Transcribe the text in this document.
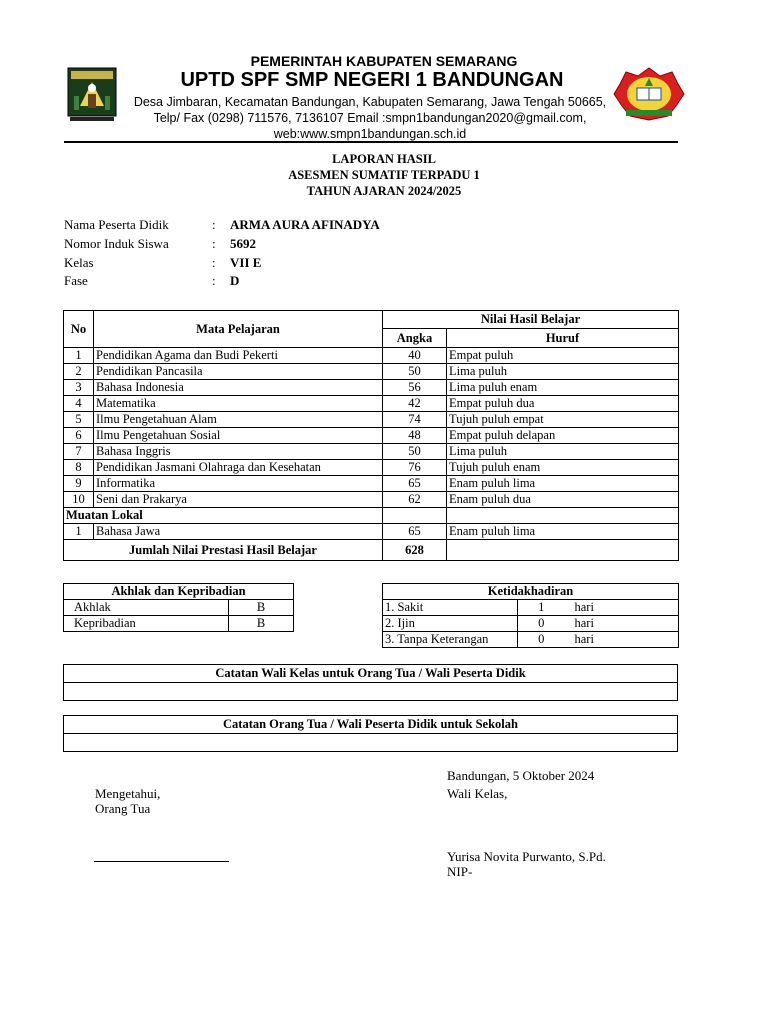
PEMERINTAH KABUPATEN SEMARANG
UPTD SPF SMP NEGERI 1 BANDUNGAN
Desa Jimbaran, Kecamatan Bandungan, Kabupaten Semarang, Jawa Tengah 50665,
Telp/ Fax (0298) 711576, 7136107 Email :smpn1bandungan2020@gmail.com,
web:www.smpn1bandungan.sch.id
LAPORAN HASIL
ASESMEN SUMATIF TERPADU 1
TAHUN AJARAN 2024/2025
Nama Peserta Didik	: ARMA AURA AFINADYA
Nomor Induk Siswa	: 5692
Kelas	: VII E
Fase	: D
No	Mata Pelajaran	Nilai Hasil Belajar	
		Angka	Huruf
1	Pendidikan Agama dan Budi Pekerti	40	Empat puluh
2	Pendidikan Pancasila	50	Lima puluh
3	Bahasa Indonesia	56	Lima puluh enam
4	Matematika	42	Empat puluh dua
5	Ilmu Pengetahuan Alam	74	Tujuh puluh empat
6	Ilmu Pengetahuan Sosial	48	Empat puluh delapan
7	Bahasa Inggris	50	Lima puluh
8	Pendidikan Jasmani Olahraga dan Kesehatan	76	Tujuh puluh enam
9	Informatika	65	Enam puluh lima
10	Seni dan Prakarya	62	Enam puluh dua
Muatan Lokal			
1	Bahasa Jawa	65	Enam puluh lima
Jumlah Nilai Prestasi Hasil Belajar		628	
Akhlak dan Kepribadian	
Akhlak	B
Kepribadian	B
Ketidakhadiran		
1. Sakit	1	hari
2. Ijin	0	hari
3. Tanpa Keterangan	0	hari
Catatan Wali Kelas untuk Orang Tua / Wali Peserta Didik
Catatan Orang Tua / Wali Peserta Didik untuk Sekolah
Bandungan, 5 Oktober 2024
Mengetahui,	Wali Kelas,
Orang Tua
Yurisa Novita Purwanto, S.Pd.
NIP-
